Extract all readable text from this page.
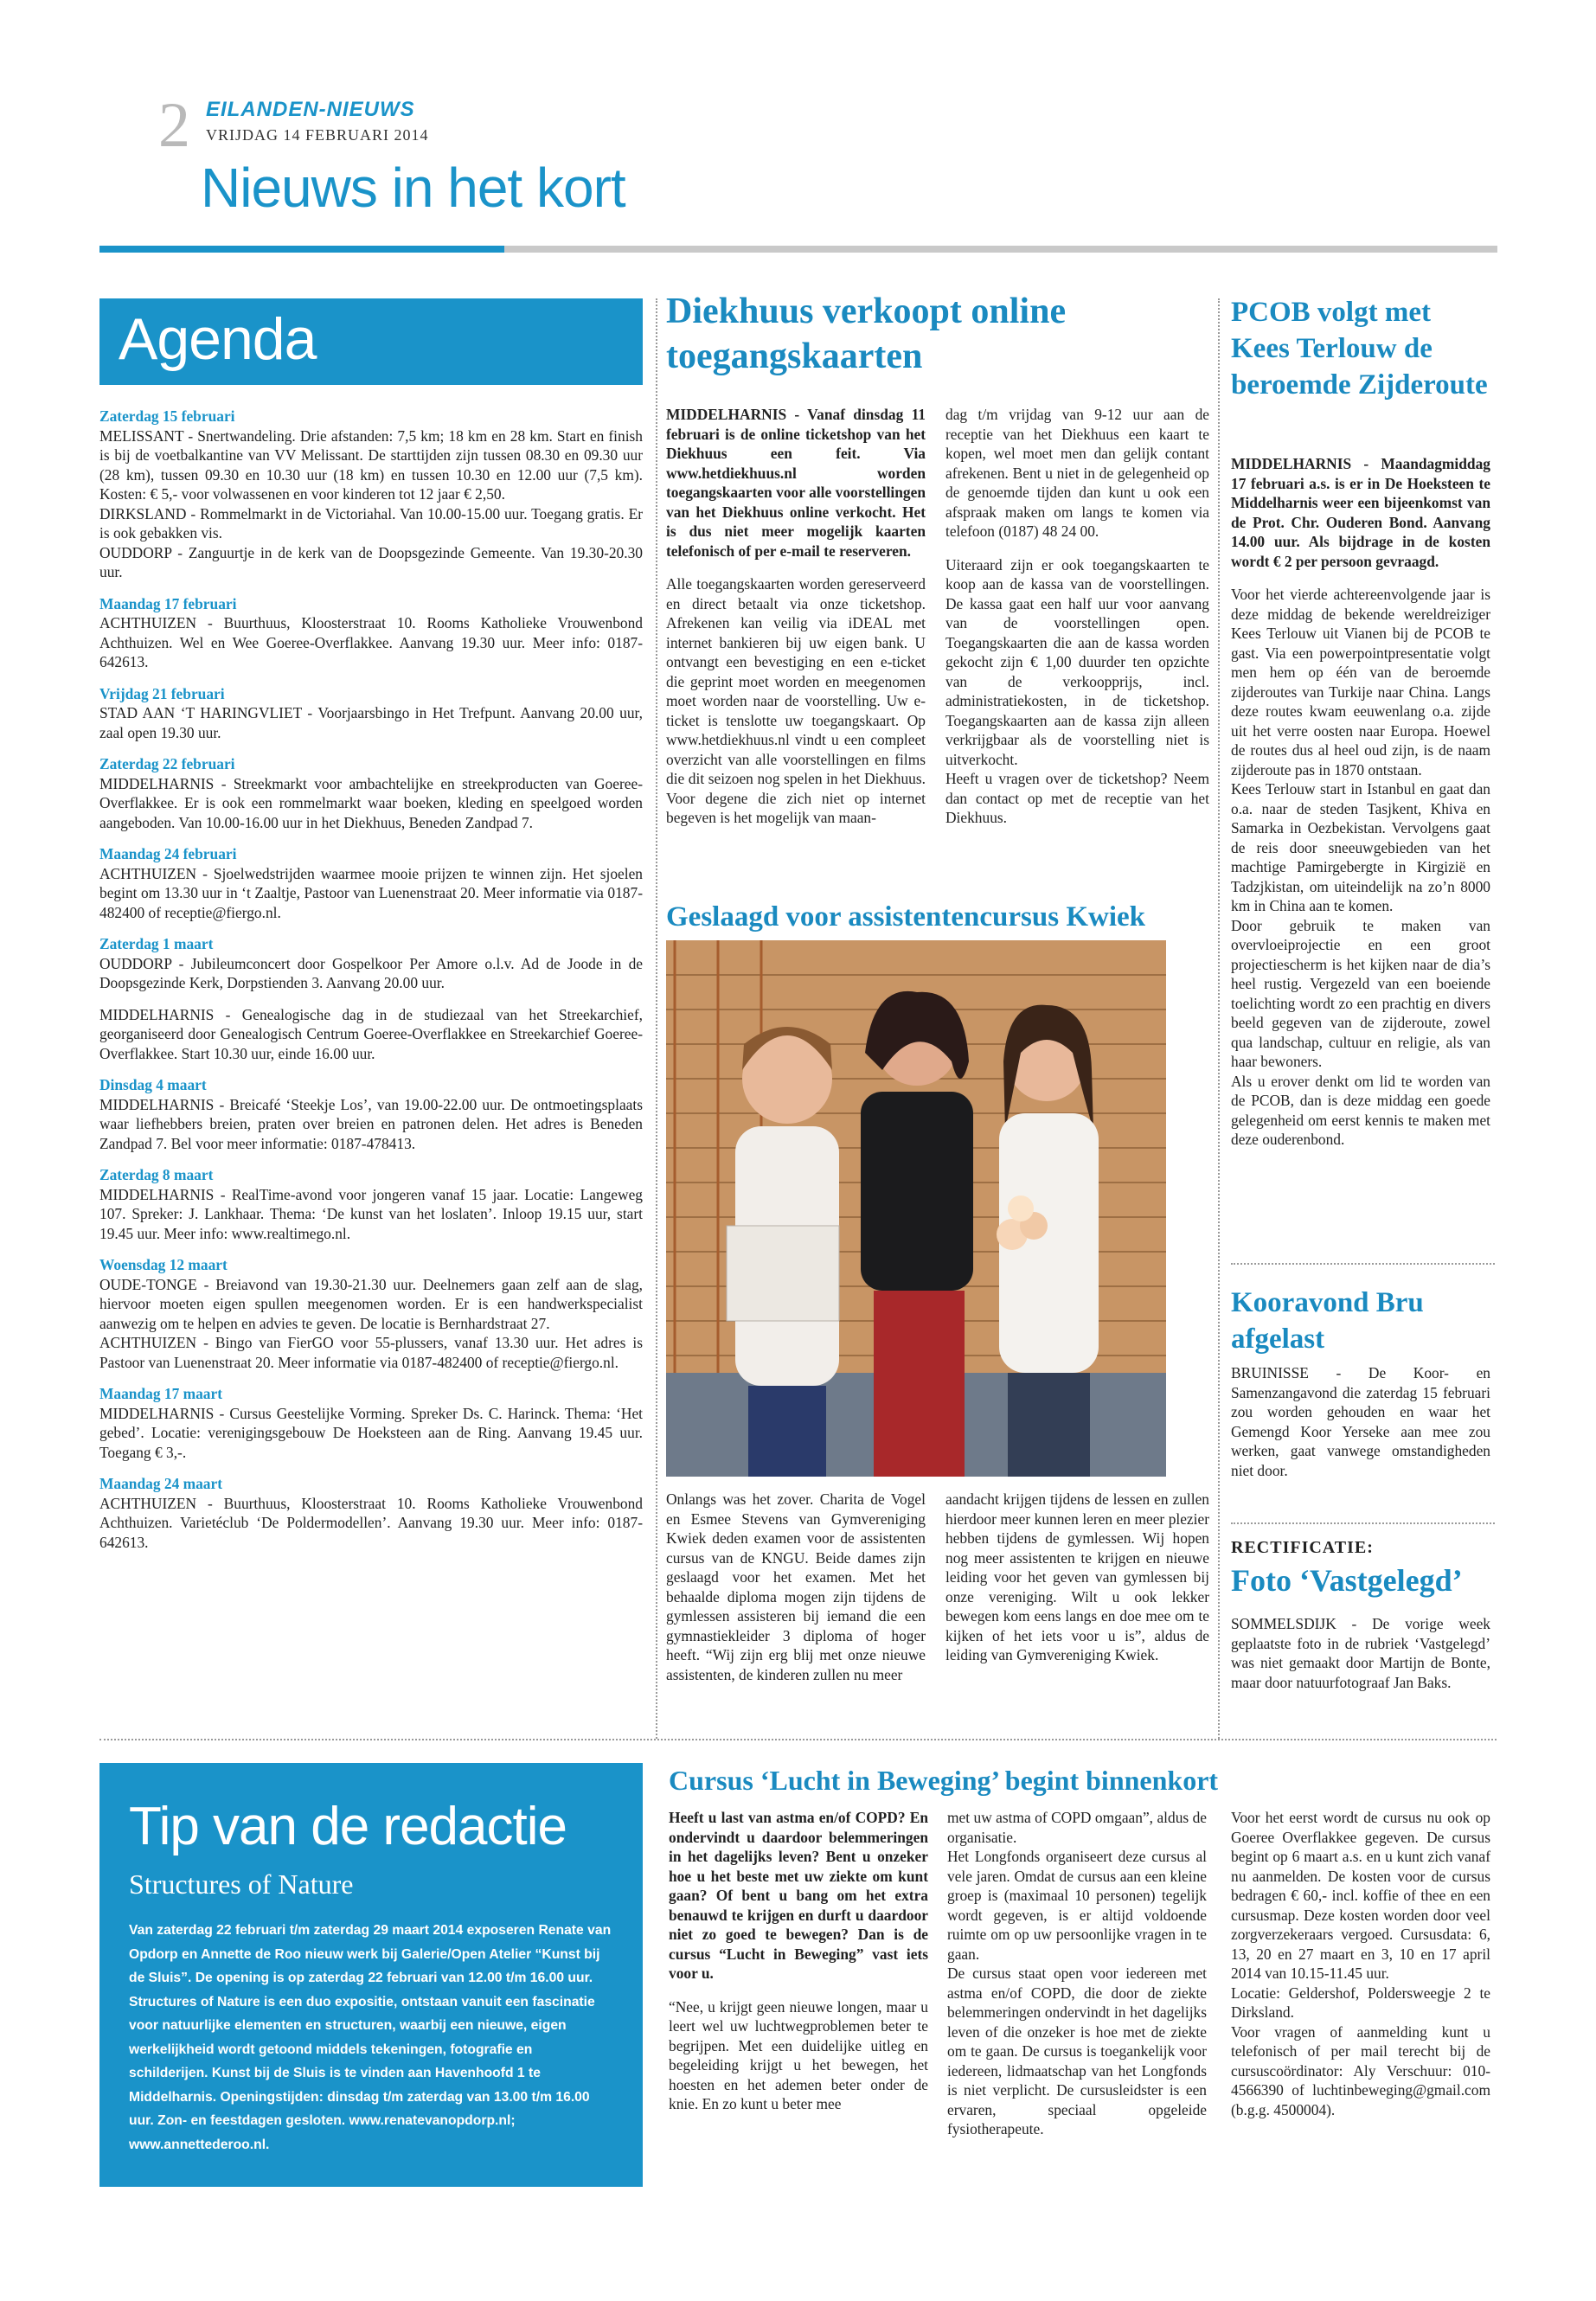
2 EILANDEN-NIEUWS
VRIJDAG 14 FEBRUARI 2014
Nieuws in het kort
Agenda

Zaterdag 15 februari

MELISSANT - Snertwandeling. Drie afstanden: 7,5 km; 18 km en 28 km. Start en finish is bij de voetbalkantine van VV Melissant. De starttijden zijn tussen 08.30 en 09.30 uur (28 km), tussen 09.30 en 10.30 uur (18 km) en tussen 10.30 en 12.00 uur (7,5 km). Kosten: € 5,- voor volwassenen en voor kinderen tot 12 jaar € 2,50.

DIRKSLAND - Rommelmarkt in de Victoriahal. Van 10.00-15.00 uur. Toegang gratis. Er is ook gebakken vis.

OUDDORP - Zanguurtje in de kerk van de Doopsgezinde Gemeente. Van 19.30-20.30 uur.

Maandag 17 februari

ACHTHUIZEN - Buurthuus, Kloosterstraat 10. Rooms Katholieke Vrouwenbond Achthuizen. Wel en Wee Goeree-Overflakkee. Aanvang 19.30 uur. Meer info: 0187-642613.

Vrijdag 21 februari

STAD AAN ‘T HARINGVLIET - Voorjaarsbingo in Het Trefpunt. Aanvang 20.00 uur, zaal open 19.30 uur.

Zaterdag 22 februari

MIDDELHARNIS - Streekmarkt voor ambachtelijke en streekproducten van Goeree-Overflakkee. Er is ook een rommelmarkt waar boeken, kleding en speelgoed worden aangeboden. Van 10.00-16.00 uur in het Diekhuus, Beneden Zandpad 7.

Maandag 24 februari

ACHTHUIZEN - Sjoelwedstrijden waarmee mooie prijzen te winnen zijn. Het sjoelen begint om 13.30 uur in ‘t Zaaltje, Pastoor van Luenenstraat 20. Meer informatie via 0187-482400 of receptie@fiergo.nl.

Zaterdag 1 maart

OUDDORP - Jubileumconcert door Gospelkoor Per Amore o.l.v. Ad de Joode in de Doopsgezinde Kerk, Dorpstienden 3. Aanvang 20.00 uur.

MIDDELHARNIS - Genealogische dag in de studiezaal van het Streekarchief, georganiseerd door Genealogisch Centrum Goeree-Overflakkee en Streekarchief Goeree-Overflakkee. Start 10.30 uur, einde 16.00 uur.

Dinsdag 4 maart

MIDDELHARNIS - Breicafé ‘Steekje Los’, van 19.00-22.00 uur. De ontmoetingsplaats waar liefhebbers breien, praten over breien en patronen delen. Het adres is Beneden Zandpad 7. Bel voor meer informatie: 0187-478413.

Zaterdag 8 maart

MIDDELHARNIS - RealTime-avond voor jongeren vanaf 15 jaar. Locatie: Langeweg 107. Spreker: J. Lankhaar. Thema: ‘De kunst van het loslaten’. Inloop 19.15 uur, start 19.45 uur. Meer info: www.realtimego.nl.

Woensdag 12 maart

OUDE-TONGE - Breiavond van 19.30-21.30 uur. Deelnemers gaan zelf aan de slag, hiervoor moeten eigen spullen meegenomen worden. Er is een handwerkspecialist aanwezig om te helpen en advies te geven. De locatie is Bernhardstraat 27.

ACHTHUIZEN - Bingo van FierGO voor 55-plussers, vanaf 13.30 uur. Het adres is Pastoor van Luenenstraat 20. Meer informatie via 0187-482400 of receptie@fiergo.nl.

Maandag 17 maart

MIDDELHARNIS - Cursus Geestelijke Vorming. Spreker Ds. C. Harinck. Thema: ‘Het gebed’. Locatie: verenigingsgebouw De Hoeksteen aan de Ring. Aanvang 19.45 uur. Toegang € 3,-.

Maandag 24 maart

ACHTHUIZEN - Buurthuus, Kloosterstraat 10. Rooms Katholieke Vrouwenbond Achthuizen. Varietéclub ‘De Poldermodellen’. Aanvang 19.30 uur. Meer info: 0187-642613.

Diekhuus verkoopt online toegangskaarten

MIDDELHARNIS - Vanaf dinsdag 11 februari is de online ticketshop van het Diekhuus een feit. Via www.hetdiekhuus.nl worden toegangskaarten voor alle voorstellingen van het Diekhuus online verkocht. Het is dus niet meer mogelijk kaarten telefonisch of per e-mail te reserveren.

Alle toegangskaarten worden gereserveerd en direct betaalt via onze ticketshop. Afrekenen kan veilig via iDEAL met internet bankieren bij uw eigen bank. U ontvangt een bevestiging en een e-ticket die geprint moet worden en meegenomen moet worden naar de voorstelling. Uw e-ticket is tenslotte uw toegangskaart. Op www.hetdiekhuus.nl vindt u een compleet overzicht van alle voorstellingen en films die dit seizoen nog spelen in het Diekhuus. Voor degene die zich niet op internet begeven is het mogelijk van maan-

dag t/m vrijdag van 9-12 uur aan de receptie van het Diekhuus een kaart te kopen, wel moet men dan gelijk contant afrekenen. Bent u niet in de gelegenheid op de genoemde tijden dan kunt u ook een afspraak maken om langs te komen via telefoon (0187) 48 24 00.

Uiteraard zijn er ook toegangskaarten te koop aan de kassa van de voorstellingen. De kassa gaat een half uur voor aanvang van de voorstellingen open. Toegangskaarten die aan de kassa worden gekocht zijn € 1,00 duurder ten opzichte van de verkoopprijs, incl. administratiekosten, in de ticketshop. Toegangskaarten aan de kassa zijn alleen verkrijgbaar als de voorstelling niet is uitverkocht.

Heeft u vragen over de ticketshop? Neem dan contact op met de receptie van het Diekhuus.

Geslaagd voor assistentencursus Kwiek
Onlangs was het zover. Charita de Vogel en Esmee Stevens van Gymvereniging Kwiek deden examen voor de assistenten cursus van de KNGU. Beide dames zijn geslaagd voor het examen. Met het behaalde diploma mogen zijn tijdens de gymlessen assisteren bij iemand die een gymnastiekleider 3 diploma of hoger heeft. “Wij zijn erg blij met onze nieuwe assistenten, de kinderen zullen nu meer
aandacht krijgen tijdens de lessen en zullen hierdoor meer kunnen leren en meer plezier hebben tijdens de gymlessen. Wij hopen nog meer assistenten te krijgen en nieuwe leiding voor het geven van gymlessen bij onze vereniging. Wilt u ook lekker bewegen kom eens langs en doe mee om te kijken of het iets voor u is”, aldus de leiding van Gymvereniging Kwiek.
PCOB volgt met Kees Terlouw de beroemde Zijderoute

MIDDELHARNIS - Maandagmiddag 17 februari a.s. is er in De Hoeksteen te Middelharnis weer een bijeenkomst van de Prot. Chr. Ouderen Bond. Aanvang 14.00 uur. Als bijdrage in de kosten wordt € 2 per persoon gevraagd.

Voor het vierde achtereenvolgende jaar is deze middag de bekende wereldreiziger Kees Terlouw uit Vianen bij de PCOB te gast. Via een powerpointpresentatie volgt men hem op één van de beroemde zijderoutes van Turkije naar China. Langs deze routes kwam eeuwenlang o.a. zijde uit het verre oosten naar Europa. Hoewel de routes dus al heel oud zijn, is de naam zijderoute pas in 1870 ontstaan.

Kees Terlouw start in Istanbul en gaat dan o.a. naar de steden Tasjkent, Khiva en Samarka in Oezbekistan. Vervolgens gaat de reis door sneeuwgebieden van het machtige Pamirgebergte in Kirgizië en Tadzjkistan, om uiteindelijk na zo’n 8000 km in China aan te komen.

Door gebruik te maken van overvloeiprojectie en een groot projectiescherm is het kijken naar de dia’s heel rustig. Vergezeld van een boeiende toelichting wordt zo een prachtig en divers beeld gegeven van de zijderoute, zowel qua landschap, cultuur en religie, als van haar bewoners.

Als u erover denkt om lid te worden van de PCOB, dan is deze middag een goede gelegenheid om eerst kennis te maken met deze ouderenbond.

Kooravond Bru afgelast
BRUINISSE - De Koor- en Samenzangavond die zaterdag 15 februari zou worden gehouden en waar het Gemengd Koor Yerseke aan mee zou werken, gaat vanwege omstandigheden niet door.
RECTIFICATIE:
Foto ‘Vastgelegd’
SOMMELSDIJK - De vorige week geplaatste foto in de rubriek ‘Vastgelegd’ was niet gemaakt door Martijn de Bonte, maar door natuurfotograaf Jan Baks.
Tip van de redactie
Structures of Nature
Van zaterdag 22 februari t/m zaterdag 29 maart 2014 exposeren Renate van Opdorp en Annette de Roo nieuw werk bij Galerie/Open Atelier “Kunst bij de Sluis”. De opening is op zaterdag 22 februari van 12.00 t/m 16.00 uur. Structures of Nature is een duo expositie, ontstaan vanuit een fascinatie voor natuurlijke elementen en structuren, waarbij een nieuwe, eigen werkelijkheid wordt getoond middels tekeningen, fotografie en schilderijen. Kunst bij de Sluis is te vinden aan Havenhoofd 1 te Middelharnis. Openingstijden: dinsdag t/m zaterdag van 13.00 t/m 16.00 uur. Zon- en feestdagen gesloten. www.renatevanopdorp.nl; www.annettederoo.nl.
Cursus ‘Lucht in Beweging’ begint binnenkort

Heeft u last van astma en/of COPD? En ondervindt u daardoor belemmeringen in het dagelijks leven? Bent u onzeker hoe u het beste met uw ziekte om kunt gaan? Of bent u bang om het extra benauwd te krijgen en durft u daardoor niet zo goed te bewegen? Dan is de cursus “Lucht in Beweging” vast iets voor u.

“Nee, u krijgt geen nieuwe longen, maar u leert wel uw luchtwegproblemen beter te begrijpen. Met een duidelijke uitleg en begeleiding krijgt u het bewegen, het hoesten en het ademen beter onder de knie. En zo kunt u beter mee

met uw astma of COPD omgaan”, aldus de organisatie.

Het Longfonds organiseert deze cursus al vele jaren. Omdat de cursus aan een kleine groep is (maximaal 10 personen) tegelijk wordt gegeven, is er altijd voldoende ruimte om op uw persoonlijke vragen in te gaan.

De cursus staat open voor iedereen met astma en/of COPD, die door de ziekte belemmeringen ondervindt in het dagelijks leven of die onzeker is hoe met de ziekte om te gaan. De cursus is toegankelijk voor iedereen, lidmaatschap van het Longfonds is niet verplicht. De cursusleidster is een ervaren, speciaal opgeleide fysiotherapeute.

Voor het eerst wordt de cursus nu ook op Goeree Overflakkee gegeven. De cursus begint op 6 maart a.s. en u kunt zich vanaf nu aanmelden. De kosten voor de cursus bedragen € 60,- incl. koffie of thee en een cursusmap. Deze kosten worden door veel zorgverzekeraars vergoed. Cursusdata: 6, 13, 20 en 27 maart en 3, 10 en 17 april 2014 van 10.15-11.45 uur.

Locatie: Geldershof, Poldersweegje 2 te Dirksland.

Voor vragen of aanmelding kunt u telefonisch of per mail terecht bij de cursuscoördinator: Aly Verschuur: 010-4566390 of luchtinbeweging@gmail.com (b.g.g. 4500004).
